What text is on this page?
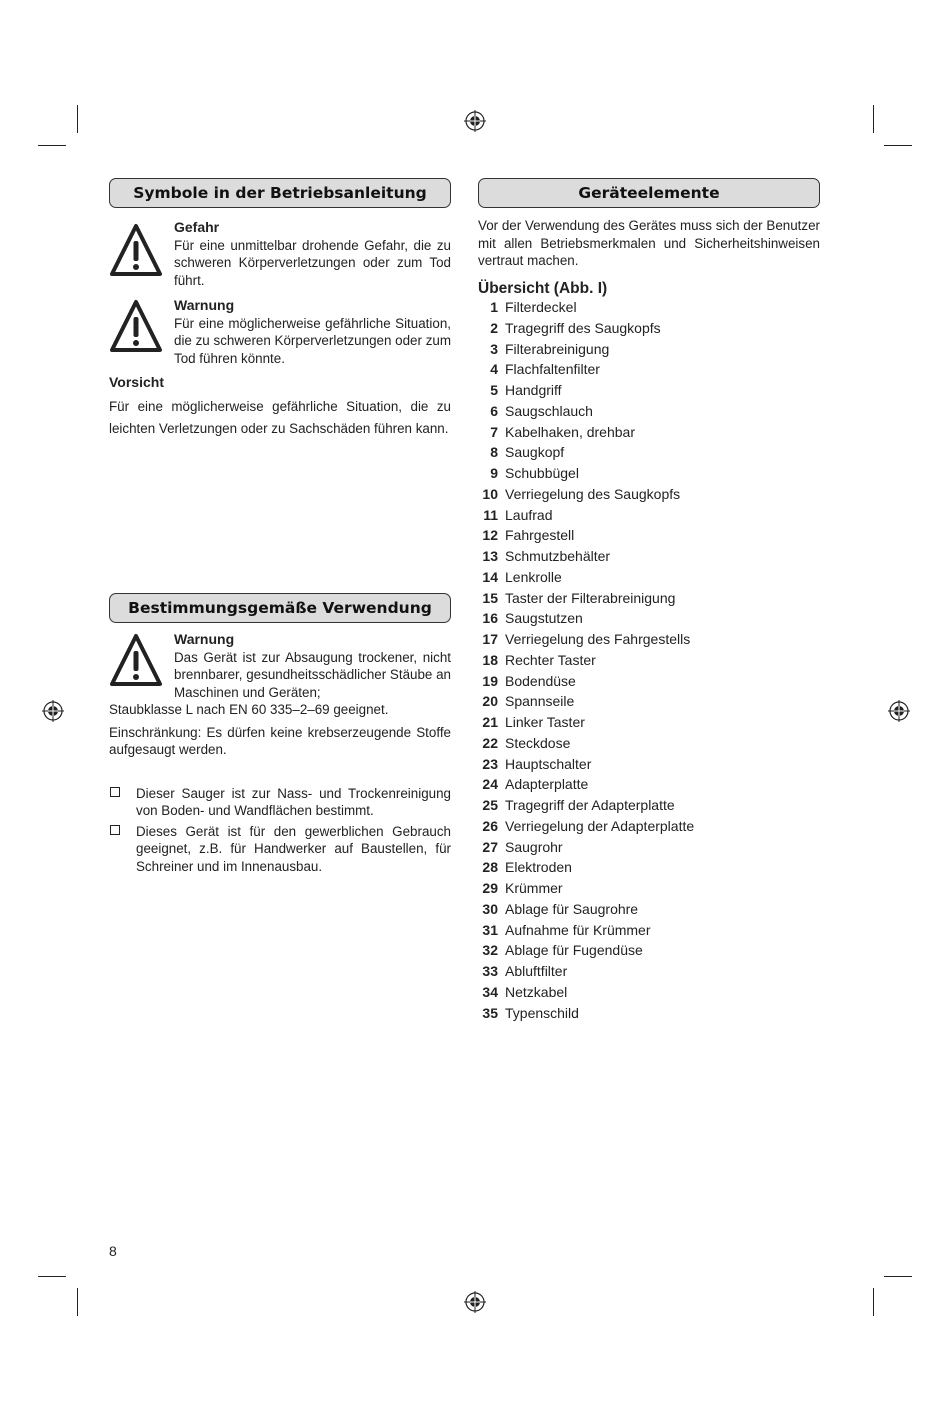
Symbole in der Betriebsanleitung

Gefahr

Für eine unmittelbar drohende Gefahr, die zu schweren Körperverletzungen oder zum Tod führt.

Warnung

Für eine möglicherweise gefährliche Situation, die zu schweren Körperverletzungen oder zum Tod führen könnte.

Vorsicht

Für eine möglicherweise gefährliche Situation, die zu leichten Verletzungen oder zu Sachschäden führen kann.

Bestimmungsgemäße Verwendung

Warnung

Das Gerät ist zur Absaugung trockener, nicht brennbarer, gesundheitsschädlicher Stäube an Maschinen und Geräten;

Staubklasse L nach EN 60 335–2–69 geeignet.

Einschränkung: Es dürfen keine krebserzeugende Stoffe aufgesaugt werden.

Dieser Sauger ist zur Nass- und Trockenreinigung von Boden- und Wandflächen bestimmt.
Dieses Gerät ist für den gewerblichen Gebrauch geeignet, z.B. für Handwerker auf Baustellen, für Schreiner und im Innenausbau.
Geräteelemente

Vor der Verwendung des Gerätes muss sich der Benutzer mit allen Betriebsmerkmalen und Sicherheitshinweisen vertraut machen.

Übersicht (Abb. I)

1 Filterdeckel
2 Tragegriff des Saugkopfs
3 Filterabreinigung
4 Flachfaltenfilter
5 Handgriff
6 Saugschlauch
7 Kabelhaken, drehbar
8 Saugkopf
9 Schubbügel
10 Verriegelung des Saugkopfs
11 Laufrad
12 Fahrgestell
13 Schmutzbehälter
14 Lenkrolle
15 Taster der Filterabreinigung
16 Saugstutzen
17 Verriegelung des Fahrgestells
18 Rechter Taster
19 Bodendüse
20 Spannseile
21 Linker Taster
22 Steckdose
23 Hauptschalter
24 Adapterplatte
25 Tragegriff der Adapterplatte
26 Verriegelung der Adapterplatte
27 Saugrohr
28 Elektroden
29 Krümmer
30 Ablage für Saugrohre
31 Aufnahme für Krümmer
32 Ablage für Fugendüse
33 Abluftfilter
34 Netzkabel
35 Typenschild
8
